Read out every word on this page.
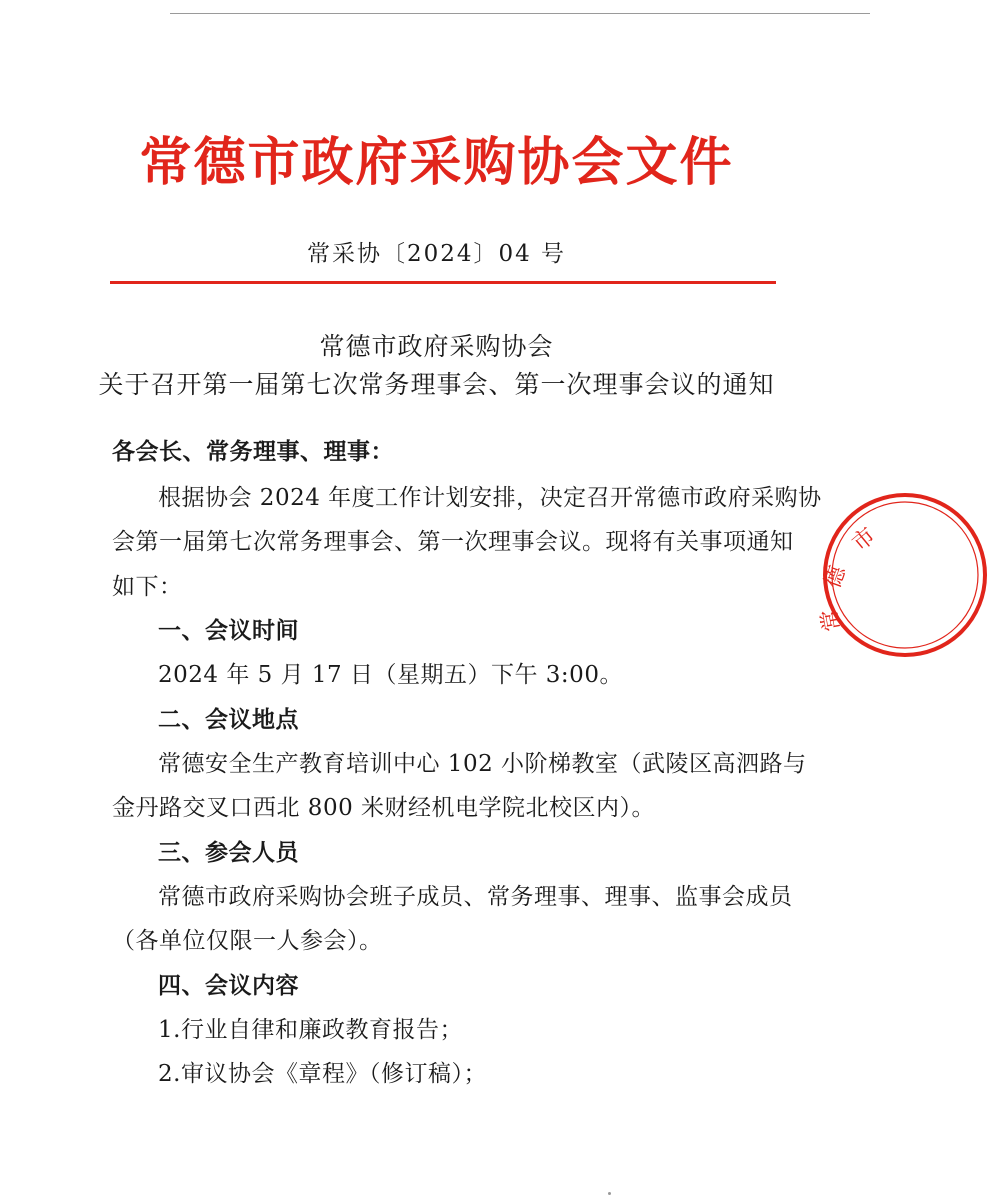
常德市政府采购协会文件
常采协〔2024〕04 号
常德市政府采购协会
关于召开第一届第七次常务理事会、第一次理事会议的通知
各会长、常务理事、理事：
根据协会 2024 年度工作计划安排，决定召开常德市政府采购协
会第一届第七次常务理事会、第一次理事会议。现将有关事项通知
如下：
一、会议时间
2024 年 5 月 17 日（星期五）下午 3:00。
二、会议地点
常德安全生产教育培训中心 102 小阶梯教室（武陵区高泗路与
金丹路交叉口西北 800 米财经机电学院北校区内）。
三、参会人员
常德市政府采购协会班子成员、常务理事、理事、监事会成员
（各单位仅限一人参会）。
四、会议内容
1.行业自律和廉政教育报告；
2.审议协会《章程》（修订稿）；
市
德
常
